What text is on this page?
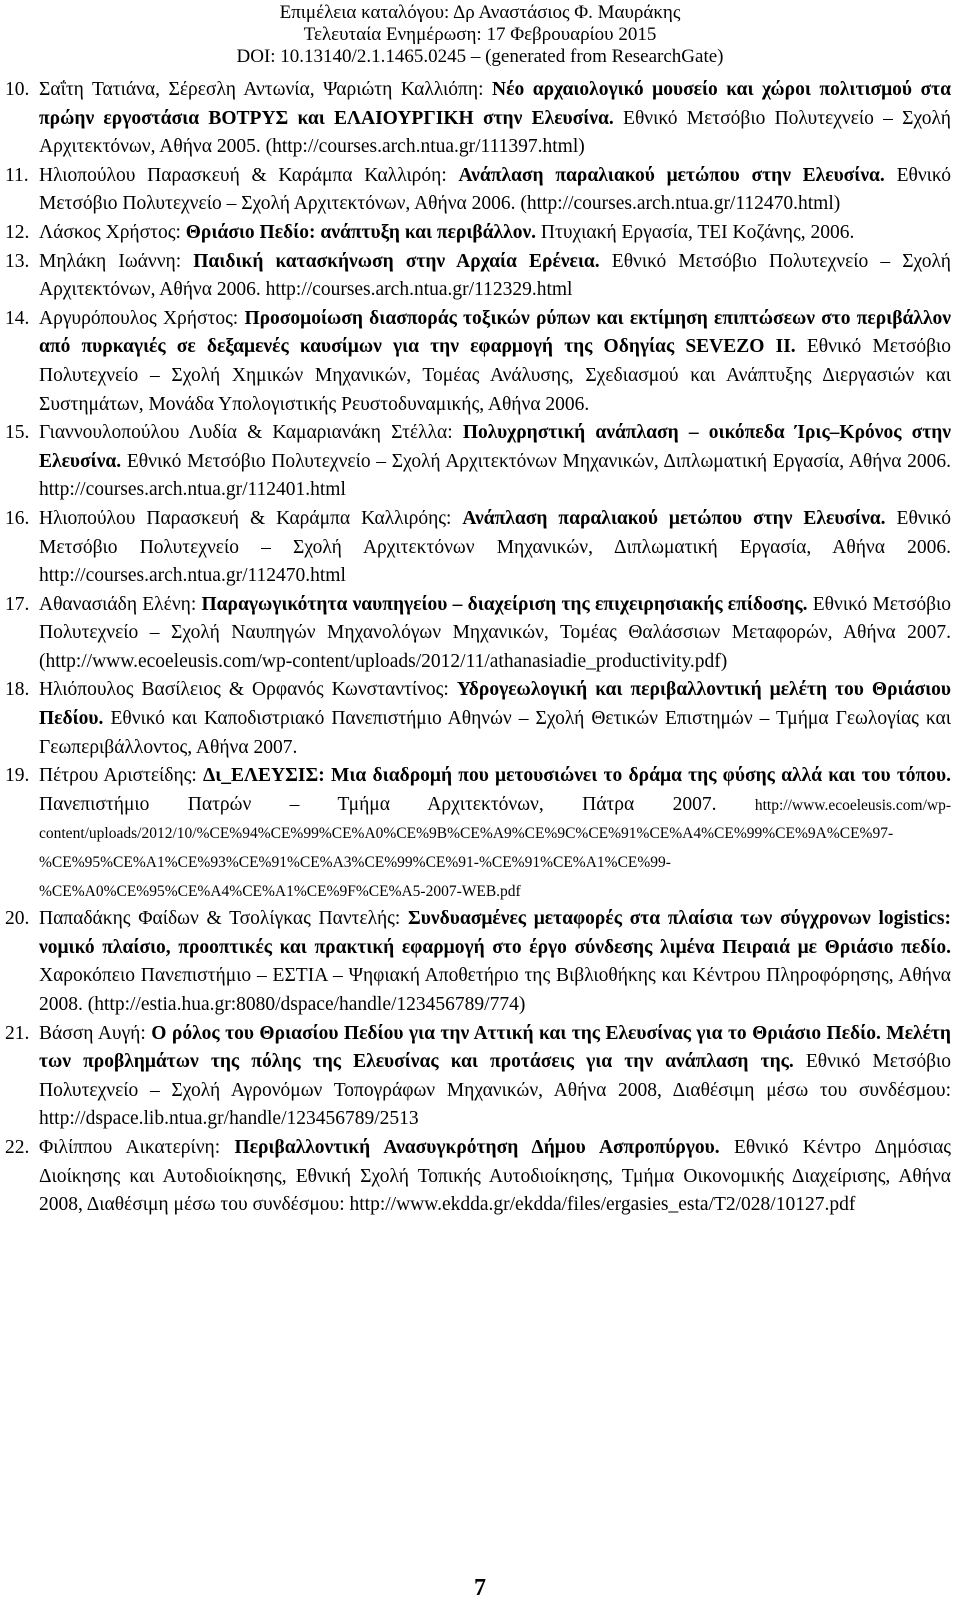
Επιμέλεια καταλόγου: Δρ Αναστάσιος Φ. Μαυράκης
Τελευταία Ενημέρωση: 17 Φεβρουαρίου 2015
DOI: 10.13140/2.1.1465.0245 – (generated from ResearchGate)
10. Σαΐτη Τατιάνα, Σέρεσλη Αντωνία, Ψαριώτη Καλλιόπη: Νέο αρχαιολογικό μουσείο και χώροι πολιτισμού στα πρώην εργοστάσια ΒΟΤΡΥΣ και ΕΛΑΙΟΥΡΓΙΚΗ στην Ελευσίνα. Εθνικό Μετσόβιο Πολυτεχνείο – Σχολή Αρχιτεκτόνων, Αθήνα 2005. (http://courses.arch.ntua.gr/111397.html)
11. Ηλιοπούλου Παρασκευή & Καράμπα Καλλιρόη: Ανάπλαση παραλιακού μετώπου στην Ελευσίνα. Εθνικό Μετσόβιο Πολυτεχνείο – Σχολή Αρχιτεκτόνων, Αθήνα 2006. (http://courses.arch.ntua.gr/112470.html)
12. Λάσκος Χρήστος: Θριάσιο Πεδίο: ανάπτυξη και περιβάλλον. Πτυχιακή Εργασία, ΤΕΙ Κοζάνης, 2006.
13. Μηλάκη Ιωάννη: Παιδική κατασκήνωση στην Αρχαία Ερένεια. Εθνικό Μετσόβιο Πολυτεχνείο – Σχολή Αρχιτεκτόνων, Αθήνα 2006. http://courses.arch.ntua.gr/112329.html
14. Αργυρόπουλος Χρήστος: Προσομοίωση διασποράς τοξικών ρύπων και εκτίμηση επιπτώσεων στο περιβάλλον από πυρκαγιές σε δεξαμενές καυσίμων για την εφαρμογή της Οδηγίας SEVEZO II. Εθνικό Μετσόβιο Πολυτεχνείο – Σχολή Χημικών Μηχανικών, Τομέας Ανάλυσης, Σχεδιασμού και Ανάπτυξης Διεργασιών και Συστημάτων, Μονάδα Υπολογιστικής Ρευστοδυναμικής, Αθήνα 2006.
15. Γιαννουλοπούλου Λυδία & Καμαριανάκη Στέλλα: Πολυχρηστική ανάπλαση – οικόπεδα Ίρις–Κρόνος στην Ελευσίνα. Εθνικό Μετσόβιο Πολυτεχνείο – Σχολή Αρχιτεκτόνων Μηχανικών, Διπλωματική Εργασία, Αθήνα 2006. http://courses.arch.ntua.gr/112401.html
16. Ηλιοπούλου Παρασκευή & Καράμπα Καλλιρόης: Ανάπλαση παραλιακού μετώπου στην Ελευσίνα. Εθνικό Μετσόβιο Πολυτεχνείο – Σχολή Αρχιτεκτόνων Μηχανικών, Διπλωματική Εργασία, Αθήνα 2006. http://courses.arch.ntua.gr/112470.html
17. Αθανασιάδη Ελένη: Παραγωγικότητα ναυπηγείου – διαχείριση της επιχειρησιακής επίδοσης. Εθνικό Μετσόβιο Πολυτεχνείο – Σχολή Ναυπηγών Μηχανολόγων Μηχανικών, Τομέας Θαλάσσιων Μεταφορών, Αθήνα 2007. (http://www.ecoeleusis.com/wp-content/uploads/2012/11/athanasiadie_productivity.pdf)
18. Ηλιόπουλος Βασίλειος & Ορφανός Κωνσταντίνος: Υδρογεωλογική και περιβαλλοντική μελέτη του Θριάσιου Πεδίου. Εθνικό και Καποδιστριακό Πανεπιστήμιο Αθηνών – Σχολή Θετικών Επιστημών – Τμήμα Γεωλογίας και Γεωπεριβάλλοντος, Αθήνα 2007.
19. Πέτρου Αριστείδης: Δι_ΕΛΕΥΣΙΣ: Μια διαδρομή που μετουσιώνει το δράμα της φύσης αλλά και του τόπου. Πανεπιστήμιο Πατρών – Τμήμα Αρχιτεκτόνων, Πάτρα 2007. http://www.ecoeleusis.com/wp-content/uploads/2012/10/%CE%94%CE%99%CE%A0%CE%9B%CE%A9%CE%9C%CE%91%CE%A4%CE%99%CE%9A%CE%97-%CE%95%CE%A1%CE%93%CE%91%CE%A3%CE%99%CE%91-%CE%91%CE%A1%CE%99-%CE%A0%CE%95%CE%A4%CE%A1%CE%9F%CE%A5-2007-WEB.pdf
20. Παπαδάκης Φαίδων & Τσολίγκας Παντελής: Συνδυασμένες μεταφορές στα πλαίσια των σύγχρονων logistics: νομικό πλαίσιο, προοπτικές και πρακτική εφαρμογή στο έργο σύνδεσης λιμένα Πειραιά με Θριάσιο πεδίο. Χαροκόπειο Πανεπιστήμιο – ΕΣΤΙΑ – Ψηφιακή Αποθετήριο της Βιβλιοθήκης και Κέντρου Πληροφόρησης, Αθήνα 2008. (http://estia.hua.gr:8080/dspace/handle/123456789/774)
21. Βάσση Αυγή: Ο ρόλος του Θριασίου Πεδίου για την Αττική και της Ελευσίνας για το Θριάσιο Πεδίο. Μελέτη των προβλημάτων της πόλης της Ελευσίνας και προτάσεις για την ανάπλαση της. Εθνικό Μετσόβιο Πολυτεχνείο – Σχολή Αγρονόμων Τοπογράφων Μηχανικών, Αθήνα 2008, Διαθέσιμη μέσω του συνδέσμου: http://dspace.lib.ntua.gr/handle/123456789/2513
22. Φιλίππου Αικατερίνη: Περιβαλλοντική Ανασυγκρότηση Δήμου Ασπροπύργου. Εθνικό Κέντρο Δημόσιας Διοίκησης και Αυτοδιοίκησης, Εθνική Σχολή Τοπικής Αυτοδιοίκησης, Τμήμα Οικονομικής Διαχείρισης, Αθήνα 2008, Διαθέσιμη μέσω του συνδέσμου: http://www.ekdda.gr/ekdda/files/ergasies_esta/T2/028/10127.pdf
7
